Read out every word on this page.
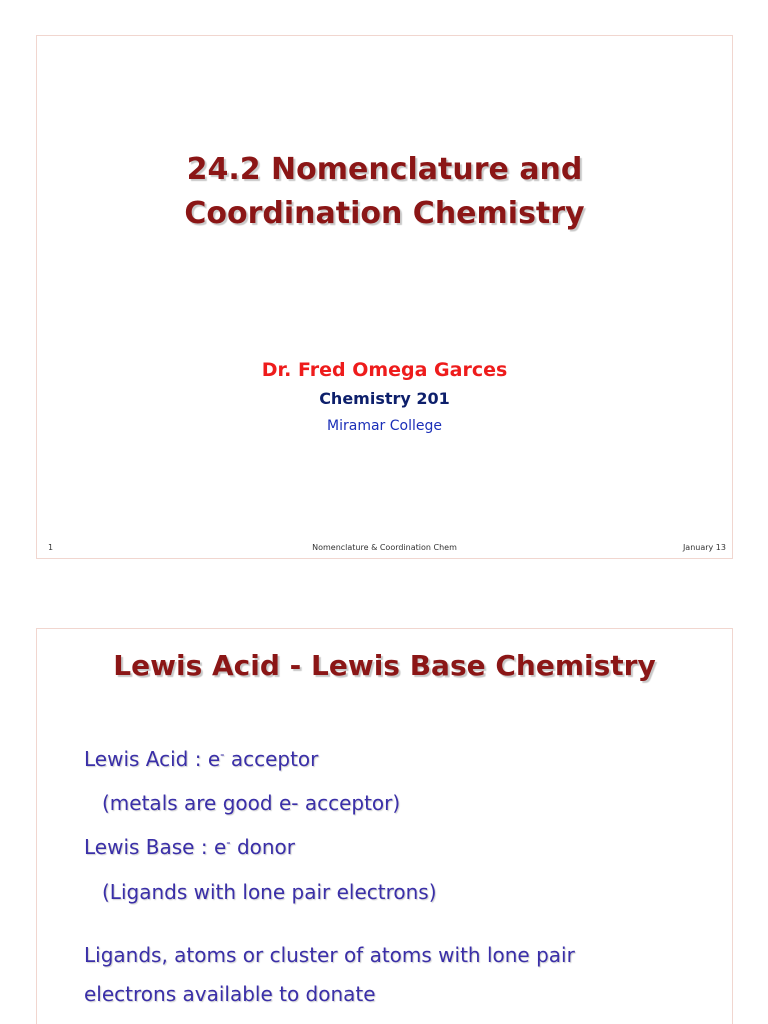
24.2 Nomenclature and
Coordination Chemistry
Dr. Fred Omega Garces
Chemistry 201
Miramar College
1	Nomenclature & Coordination Chem	January 13
Lewis Acid - Lewis Base Chemistry
Lewis Acid : e- acceptor
(metals are good e- acceptor)
Lewis Base : e- donor
(Ligands with lone pair electrons)
Ligands, atoms or cluster of atoms with lone pair
electrons available to donate
